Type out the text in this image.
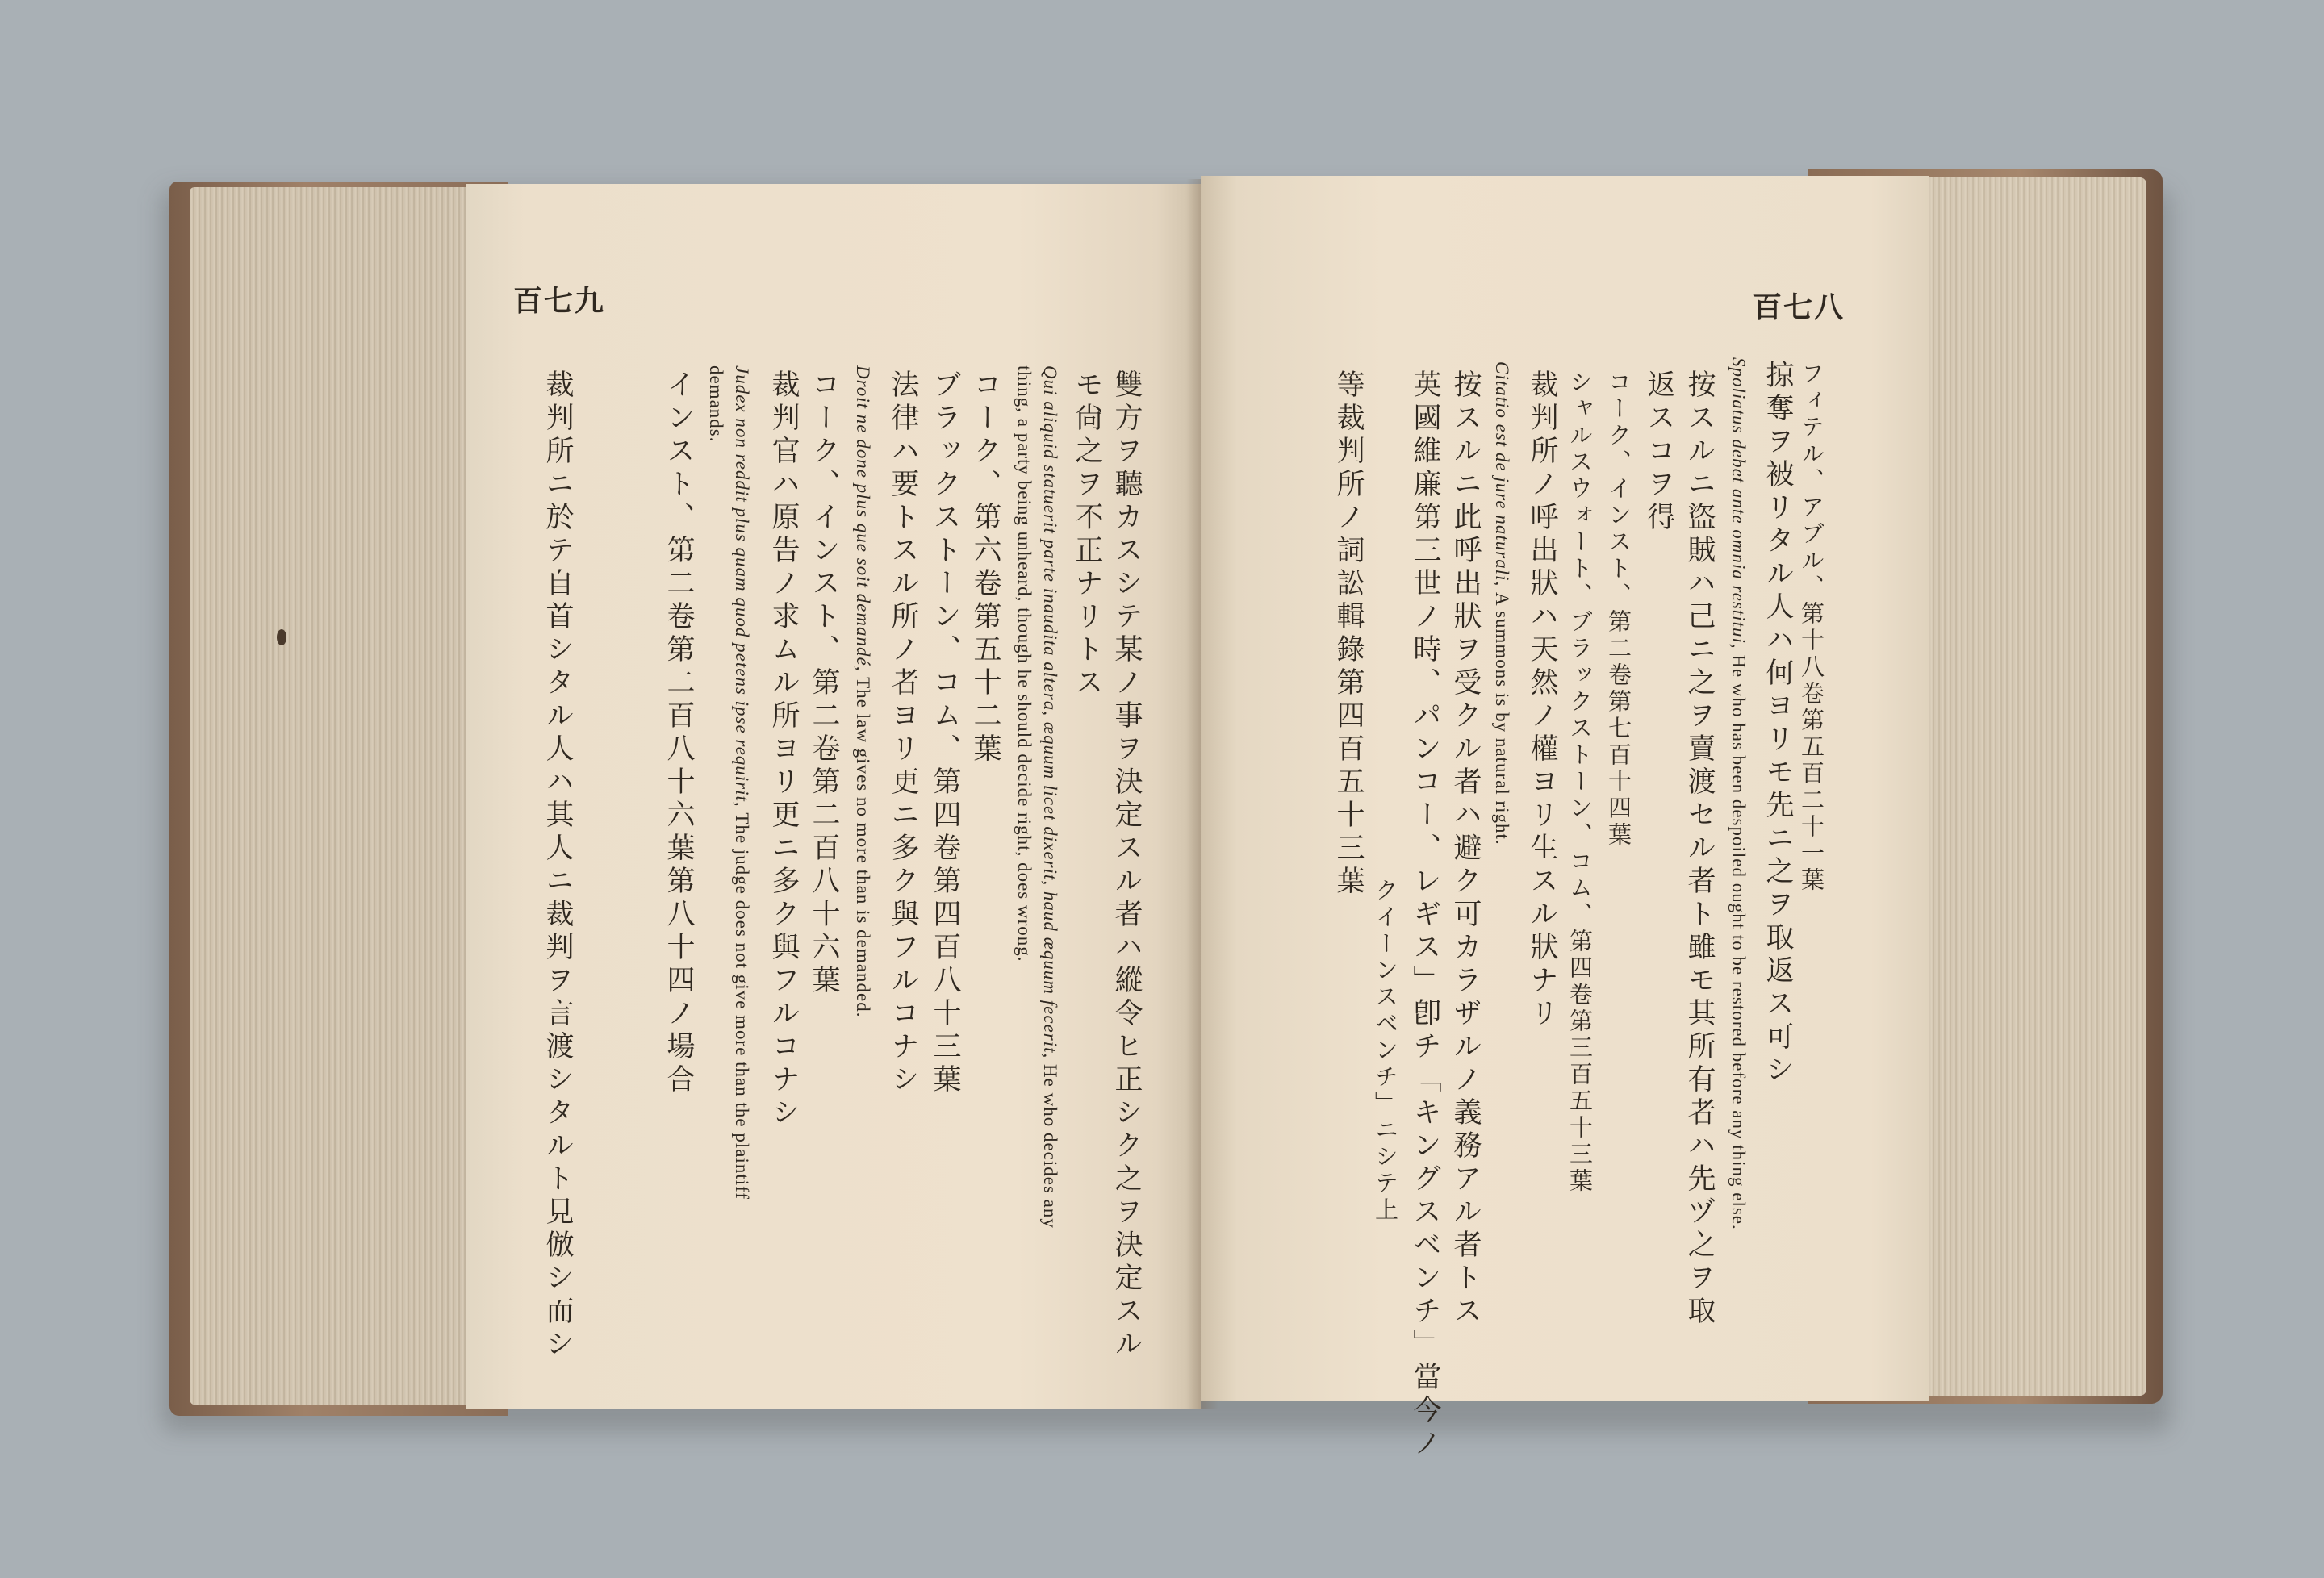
百七九
雙方ヲ聽カスシテ某ノ事ヲ決定スル者ハ縱令ヒ正シク之ヲ決定スル
モ尙之ヲ不正ナリトス
Qui aliquid statuerit parte inaudita altera, æquum licet dixerit, haud æquum fecerit, He who decides any
thing, a party being unheard, though he should decide right, does wrong.
コーク、第六卷第五十二葉
ブラックストーン、コム、第四卷第四百八十三葉
法律ハ要トスル所ノ者ヨリ更ニ多ク與フルコナシ
Droit ne done plus que soit demandé, The law gives no more than is demanded.
コーク、インスト、第二卷第二百八十六葉
裁判官ハ原告ノ求ムル所ヨリ更ニ多ク與フルコナシ
Judex non reddit plus quam quod petens ipse requirit, The judge does not give more than the plaintiff
demands.
インスト、第二卷第二百八十六葉第八十四ノ場合
裁判所ニ於テ自首シタル人ハ其人ニ裁判ヲ言渡シタルト見倣シ而シ
百七八
フィテル、アブル、第十八卷第五百二十一葉
掠奪ヲ被リタル人ハ何ヨリモ先ニ之ヲ取返ス可シ
Spoliatus debet ante omnia restitui, He who has been despoiled ought to be restored before any thing else.
按スルニ盜賊ハ己ニ之ヲ賣渡セル者ト雖モ其所有者ハ先ヅ之ヲ取
返スコヲ得
コーク、インスト、第二卷第七百十四葉
シャルスウォート、ブラックストーン、コム、第四卷第三百五十三葉
裁判所ノ呼出狀ハ天然ノ權ヨリ生スル狀ナリ
Citatio est de jure naturali, A summons is by natural right.
按スルニ此呼出狀ヲ受クル者ハ避ク可カラザルノ義務アル者トス
英國維廉第三世ノ時、パンコー、レギス」卽チ「キングスベンチ」當今ノ
クイーンスベンチ」ニシテ上
等裁判所ノ詞訟輯錄第四百五十三葉
